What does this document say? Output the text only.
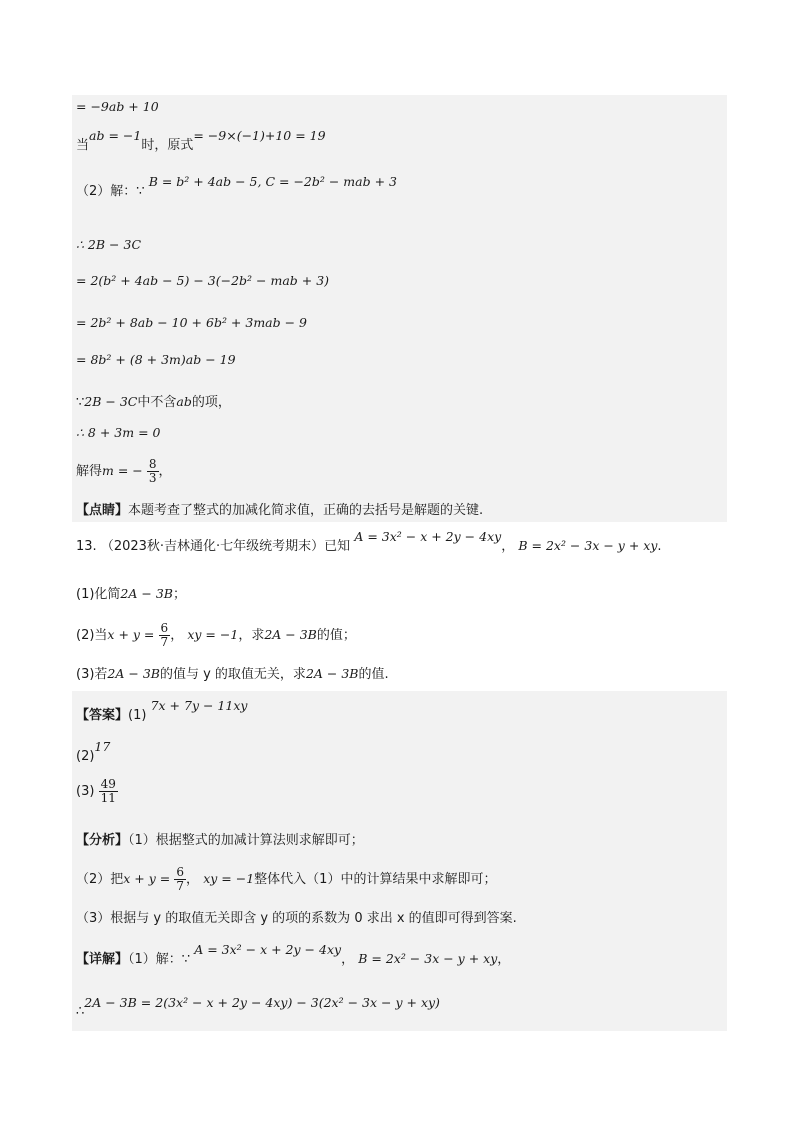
= −9ab + 10
当ab = −1时，原式= −9×(−1)+10 = 19
（2）解：∵ B = b² + 4ab − 5, C = −2b² − mab + 3
∴ 2B − 3C
= 2(b² + 4ab − 5) − 3(−2b² − mab + 3)
= 2b² + 8ab − 10 + 6b² + 3mab − 9
= 8b² + (8 + 3m)ab − 19
∵2B − 3C中不含ab的项，
∴ 8 + 3m = 0
解得m = − $\frac{8}{3}$ ，
【点睛】本题考查了整式的加减化简求值，正确的去括号是解题的关键.
13. （2023秋·吉林通化·七年级统考期末）已知 A = 3x² − x + 2y − 4xy， B = 2x² − 3x − y + xy.
(1)化简2A − 3B；
(2)当$x + y = \frac{6}{7}$ ， xy = −1，求2A − 3B的值；
(3)若2A − 3B的值与 y 的取值无关，求2A − 3B的值.
【答案】(1) 7x + 7y − 11xy
(2)17
$(3) \frac{49}{11}$
【分析】（1）根据整式的加减计算法则求解即可；
（2）把$x + y = \frac{6}{7}$ ， xy = −1整体代入（1）中的计算结果中求解即可；
（3）根据与 y 的取值无关即含 y 的项的系数为 0 求出 x 的值即可得到答案.
【详解】（1）解：∵ A = 3x² − x + 2y − 4xy， B = 2x² − 3x − y + xy，
∴2A − 3B = 2(3x² − x + 2y − 4xy) − 3(2x² − 3x − y + xy)
